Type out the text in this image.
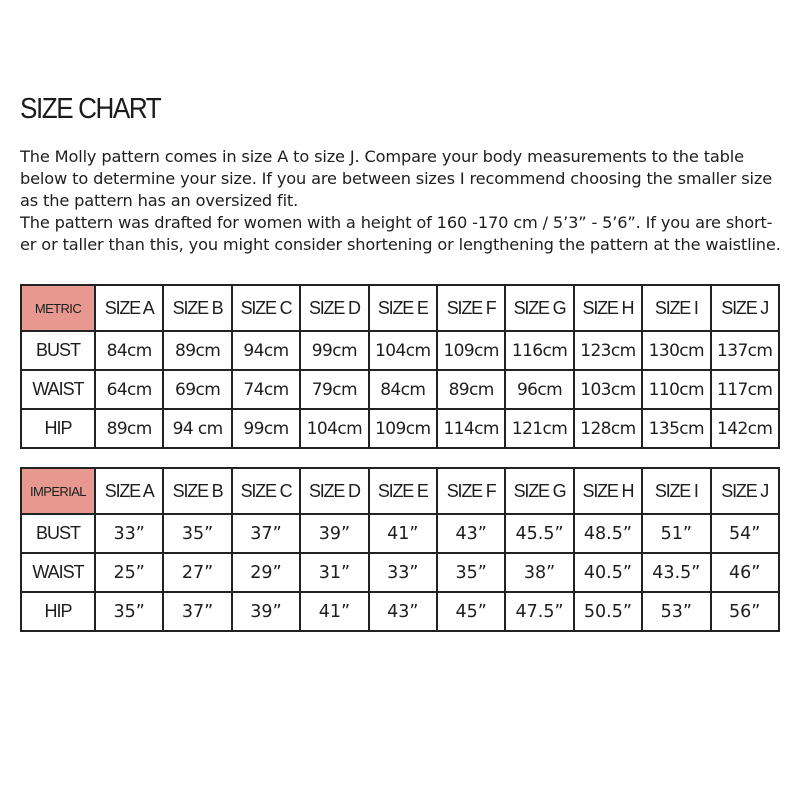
SIZE CHART

The Molly pattern comes in size A to size J. Compare your body measurements to the table
below to determine your size. If you are between sizes I recommend choosing the smaller size
as the pattern has an oversized fit.

The pattern was drafted for women with a height of 160 -170 cm / 5’3” - 5’6”. If you are short-
er or taller than this, you might consider shortening or lengthening the pattern at the waistline.

METRIC	SIZE A	SIZE B	SIZE C	SIZE D	SIZE E	SIZE F	SIZE G	SIZE H	SIZE I	SIZE J
BUST	84cm	89cm	94cm	99cm	104cm	109cm	116cm	123cm	130cm	137cm
WAIST	64cm	69cm	74cm	79cm	84cm	89cm	96cm	103cm	110cm	117cm
HIP	89cm	94 cm	99cm	104cm	109cm	114cm	121cm	128cm	135cm	142cm
IMPERIAL	SIZE A	SIZE B	SIZE C	SIZE D	SIZE E	SIZE F	SIZE G	SIZE H	SIZE I	SIZE J
BUST	33”	35”	37”	39”	41”	43”	45.5”	48.5”	51”	54”
WAIST	25”	27”	29”	31”	33”	35”	38”	40.5”	43.5”	46”
HIP	35”	37”	39”	41”	43”	45”	47.5”	50.5”	53”	56”
